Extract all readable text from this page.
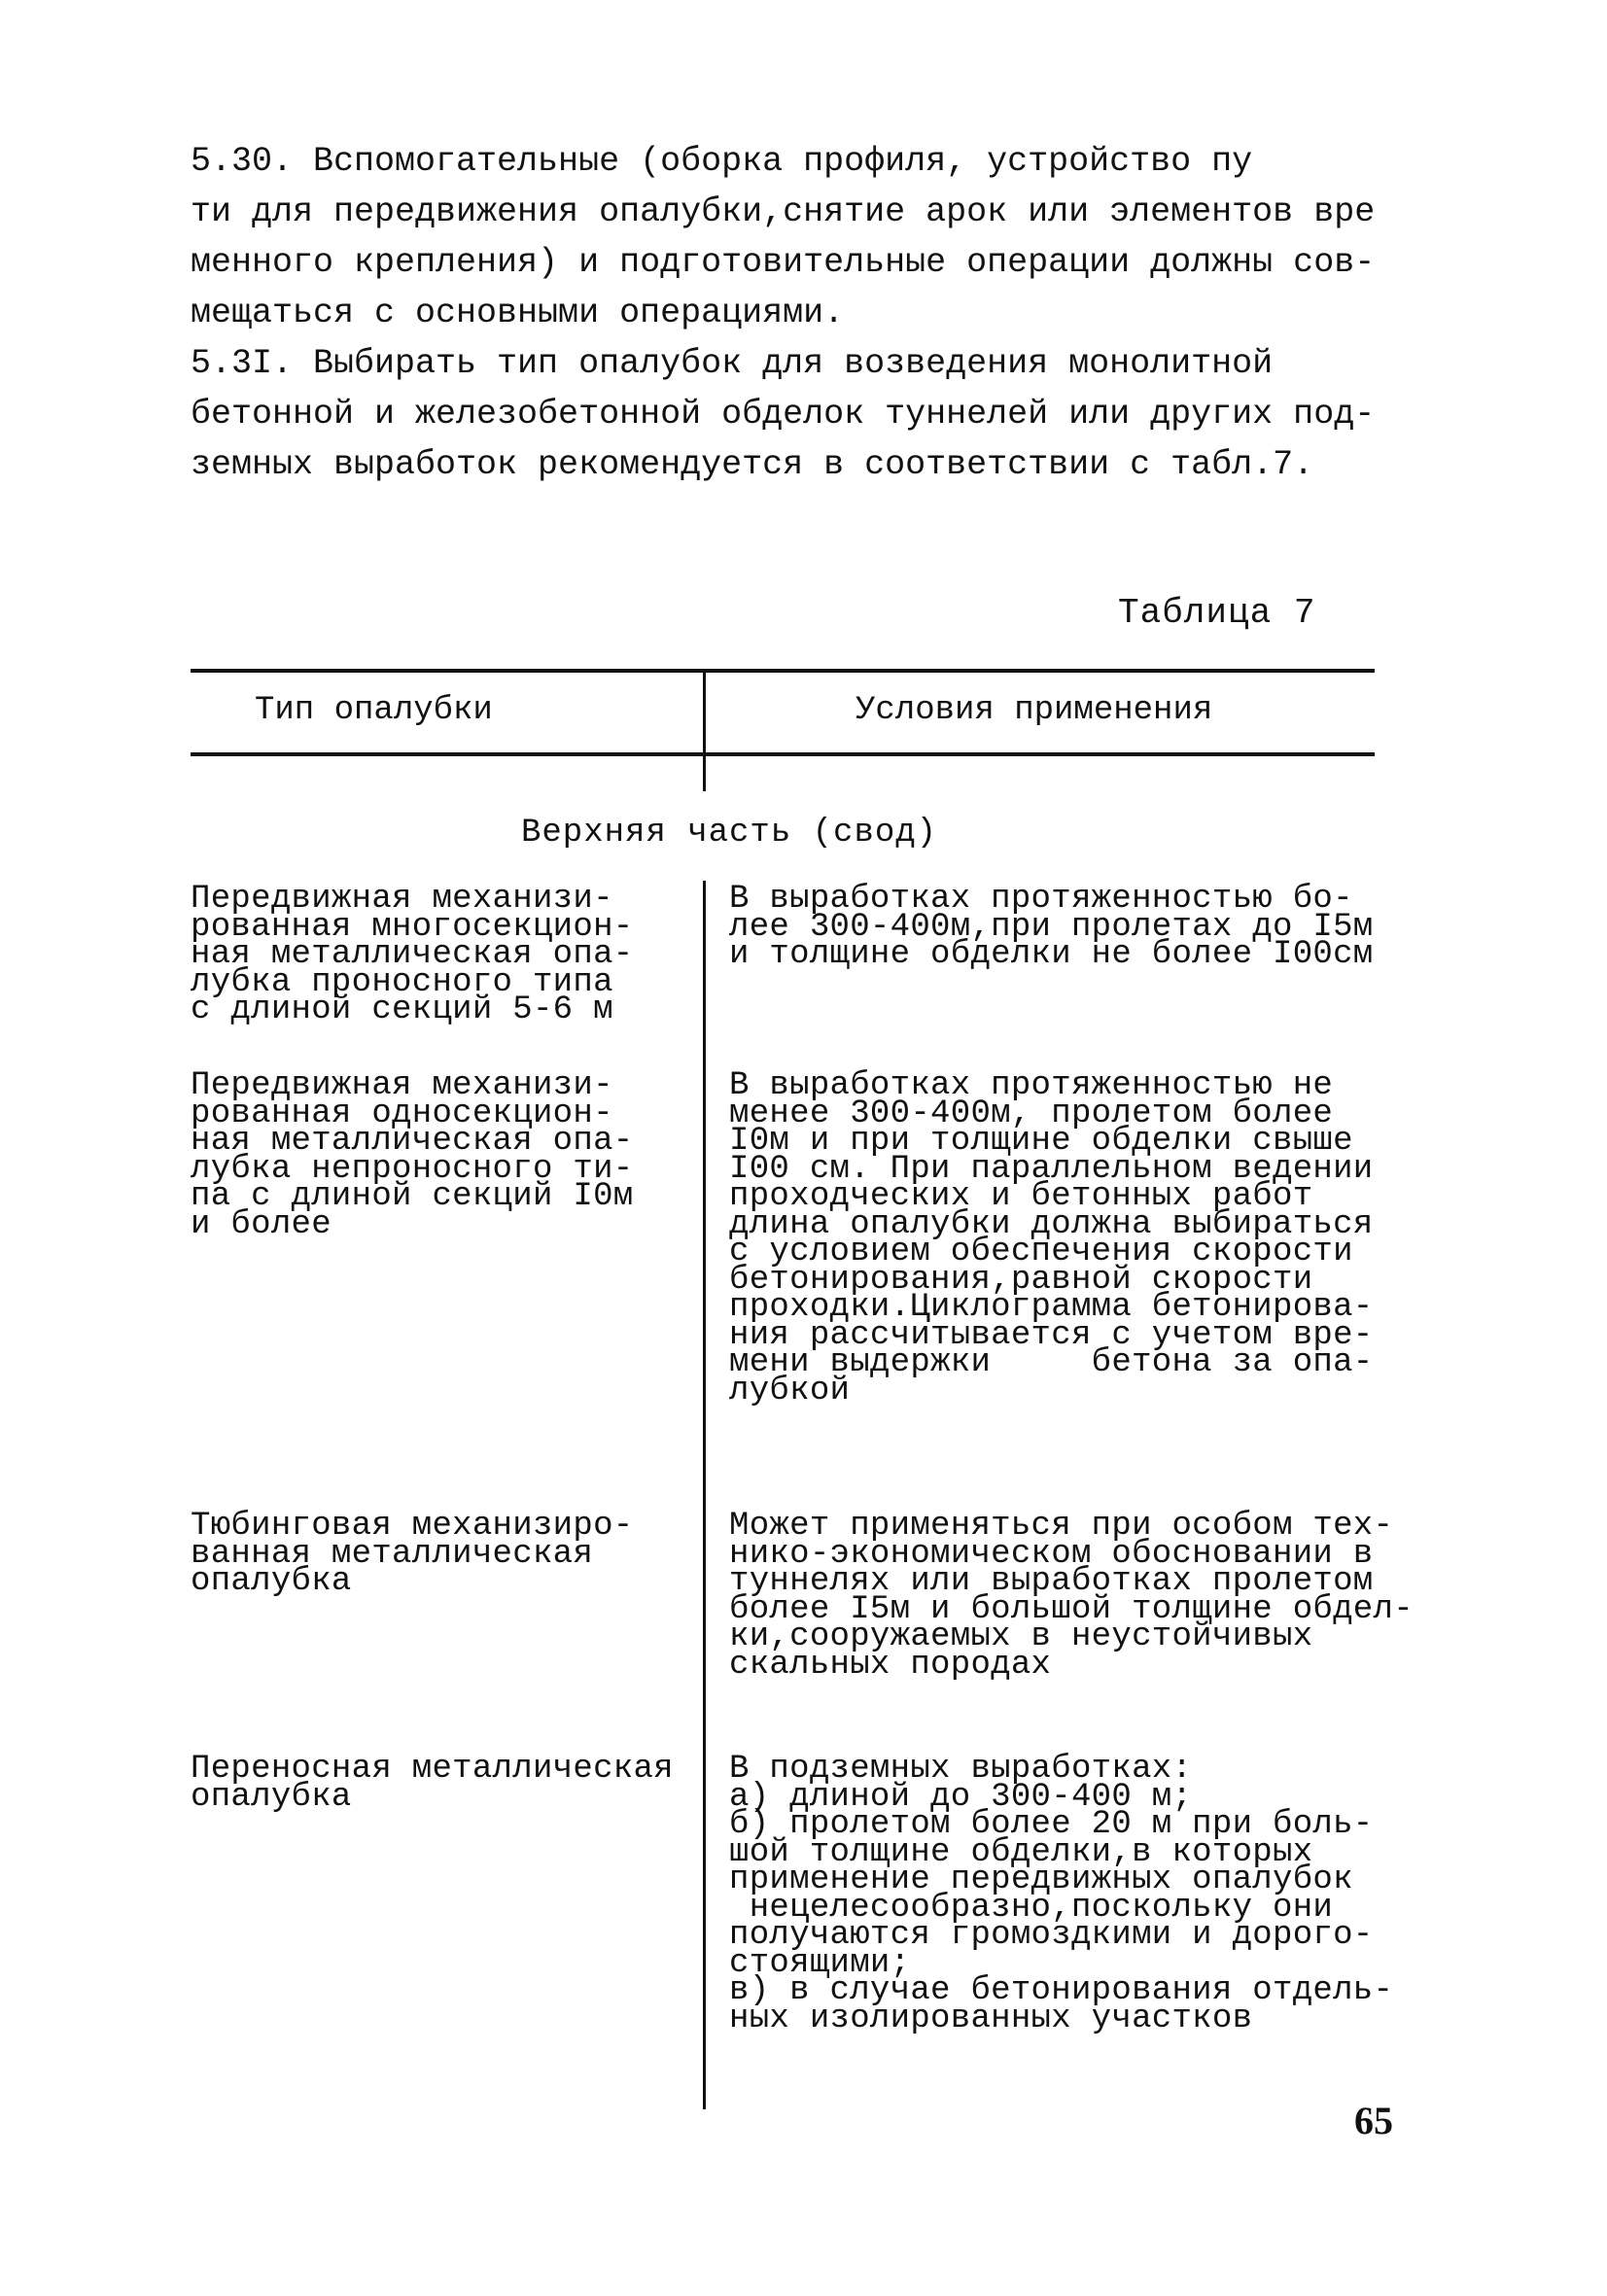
5.30. Вспомогательные (оборка профиля, устройство пу
ти для передвижения опалубки,снятие арок или элементов вре
менного крепления) и подготовительные операции должны сов-
мещаться с основными операциями.

5.3I. Выбирать тип опалубок для возведения монолитной
бетонной и железобетонной обделок туннелей или других под-
земных выработок рекомендуется в соответствии с табл.7.

Таблица 7
Тип опалубки	Условия применения
Верхняя часть (свод)
Передвижная механизи-
рованная многосекцион-
ная металлическая опа-
лубка проносного типа
с длиной секций 5-6 м
В выработках протяженностью бо-
лее 300-400м,при пролетах до I5м
и толщине обделки не более I00см
Передвижная механизи-
рованная односекцион-
ная металлическая опа-
лубка непроносного ти-
па с длиной секций I0м
и более
В выработках протяженностью не
менее 300-400м, пролетом более
I0м и при толщине обделки свыше
I00 см. При параллельном ведении
проходческих и бетонных работ
длина опалубки должна выбираться
с условием обеспечения скорости
бетонирования,равной скорости
проходки.Циклограмма бетонирова-
ния рассчитывается с учетом вре-
мени выдержки     бетона за опа-
лубкой
Тюбинговая механизиро-
ванная металлическая
опалубка
Может применяться при особом тех-
нико-экономическом обосновании в
туннелях или выработках пролетом
более I5м и большой толщине обдел-
ки,сооружаемых в неустойчивых
скальных породах
Переносная металлическая
опалубка
В подземных выработках:
а) длиной до 300-400 м;
б) пролетом более 20 м при боль-
шой толщине обделки,в которых
применение передвижных опалубок
нецелесообразно,поскольку они
получаются громоздкими и дорого-
стоящими;
в) в случае бетонирования отдель-
ных изолированных участков
65
